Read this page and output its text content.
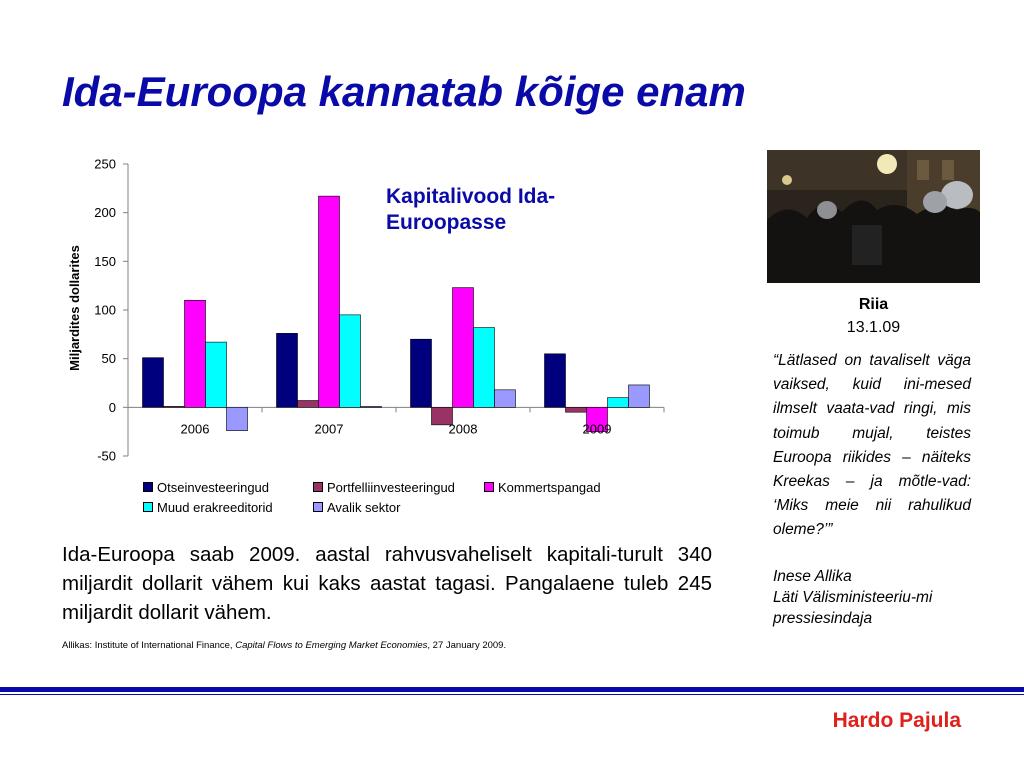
Ida-Euroopa kannatab kõige enam
-50
0
50
100
150
200
250
Miljardites dollarites
2006	2007	2008	2009
Kapitalivood Ida-Euroopasse
Otseinvesteeringud	Portfelliinvesteeringud	Kommertspangad
Muud erakreeditorid	Avalik sektor
Ida-Euroopa saab 2009. aastal rahvusvaheliselt kapitali-turult 340 miljardit dollarit vähem kui kaks aastat tagasi. Pangalaene tuleb 245 miljardit dollarit vähem.
Allikas: Institute of International Finance, Capital Flows to Emerging Market Economies, 27 January 2009.
Riia
13.1.09
“Lätlased on tavaliselt väga vaiksed, kuid ini-mesed ilmselt vaata-vad ringi, mis toimub mujal, teistes Euroopa riikides – näiteks Kreekas – ja mõtle-vad: ‘Miks meie nii rahulikud oleme?’”
Inese Allika
Läti Välisministeeriu-mi pressiesindaja
Hardo Pajula
